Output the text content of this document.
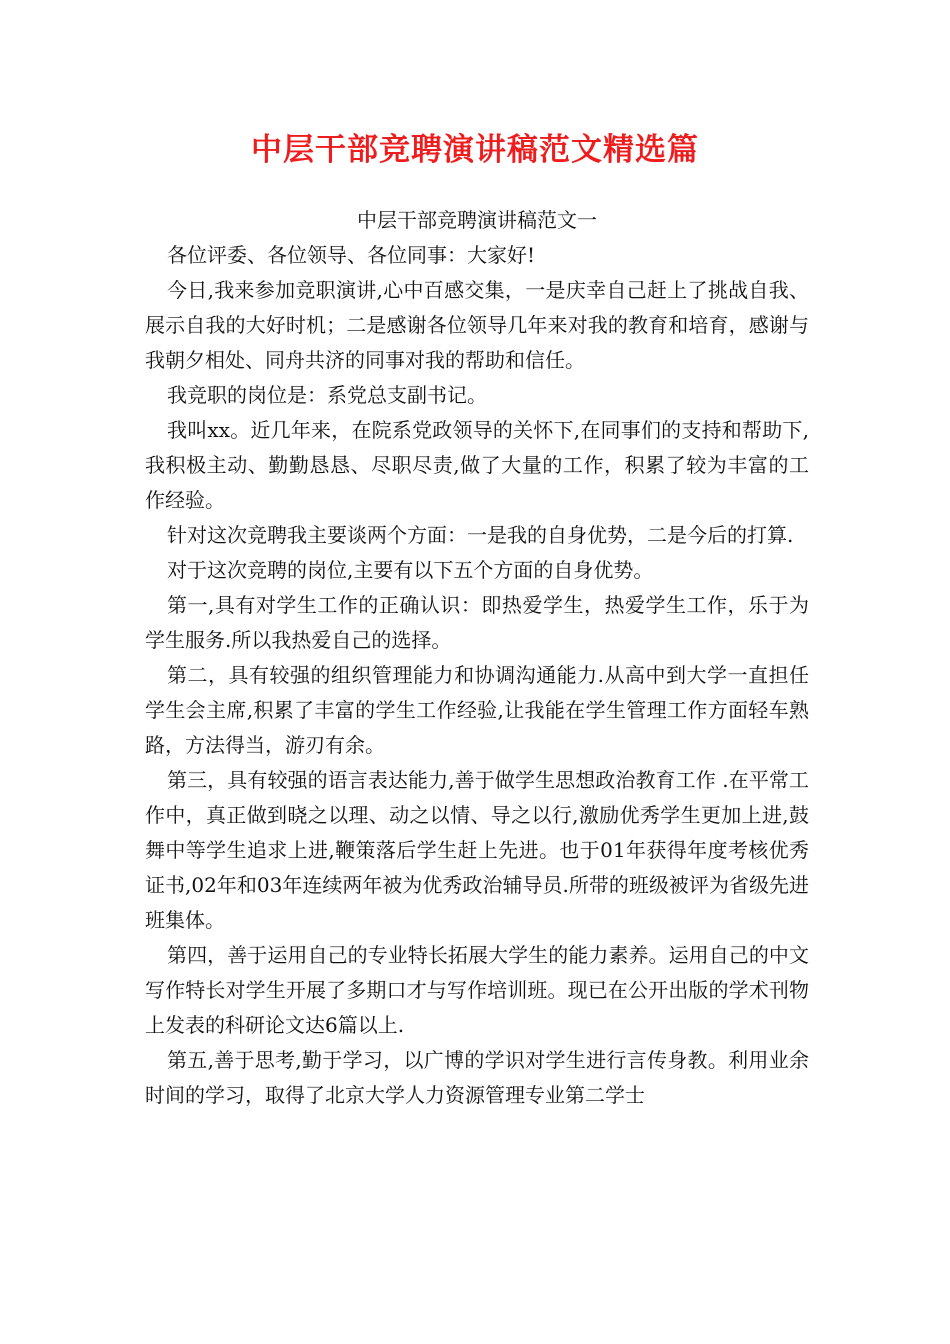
中层干部竞聘演讲稿范文精选篇

中层干部竞聘演讲稿范文一

各位评委、各位领导、各位同事：大家好!

今日,我来参加竞职演讲,心中百感交集，一是庆幸自己赶上了挑战自我、展示自我的大好时机；二是感谢各位领导几年来对我的教育和培育，感谢与我朝夕相处、同舟共济的同事对我的帮助和信任。

我竞职的岗位是：系党总支副书记。

我叫xx。近几年来，在院系党政领导的关怀下,在同事们的支持和帮助下,我积极主动、勤勤恳恳、尽职尽责,做了大量的工作，积累了较为丰富的工作经验。

针对这次竞聘我主要谈两个方面：一是我的自身优势，二是今后的打算.

对于这次竞聘的岗位,主要有以下五个方面的自身优势。

第一,具有对学生工作的正确认识：即热爱学生，热爱学生工作，乐于为学生服务.所以我热爱自己的选择。

第二，具有较强的组织管理能力和协调沟通能力.从高中到大学一直担任学生会主席,积累了丰富的学生工作经验,让我能在学生管理工作方面轻车熟路，方法得当，游刃有余。

第三，具有较强的语言表达能力,善于做学生思想政治教育工作 .在平常工作中，真正做到晓之以理、动之以情、导之以行,激励优秀学生更加上进,鼓舞中等学生追求上进,鞭策落后学生赶上先进。也于01年获得年度考核优秀证书,02年和03年连续两年被为优秀政治辅导员.所带的班级被评为省级先进班集体。

第四，善于运用自己的专业特长拓展大学生的能力素养。运用自己的中文写作特长对学生开展了多期口才与写作培训班。现已在公开出版的学术刊物上发表的科研论文达6篇以上.

第五,善于思考,勤于学习，以广博的学识对学生进行言传身教。利用业余时间的学习，取得了北京大学人力资源管理专业第二学士
